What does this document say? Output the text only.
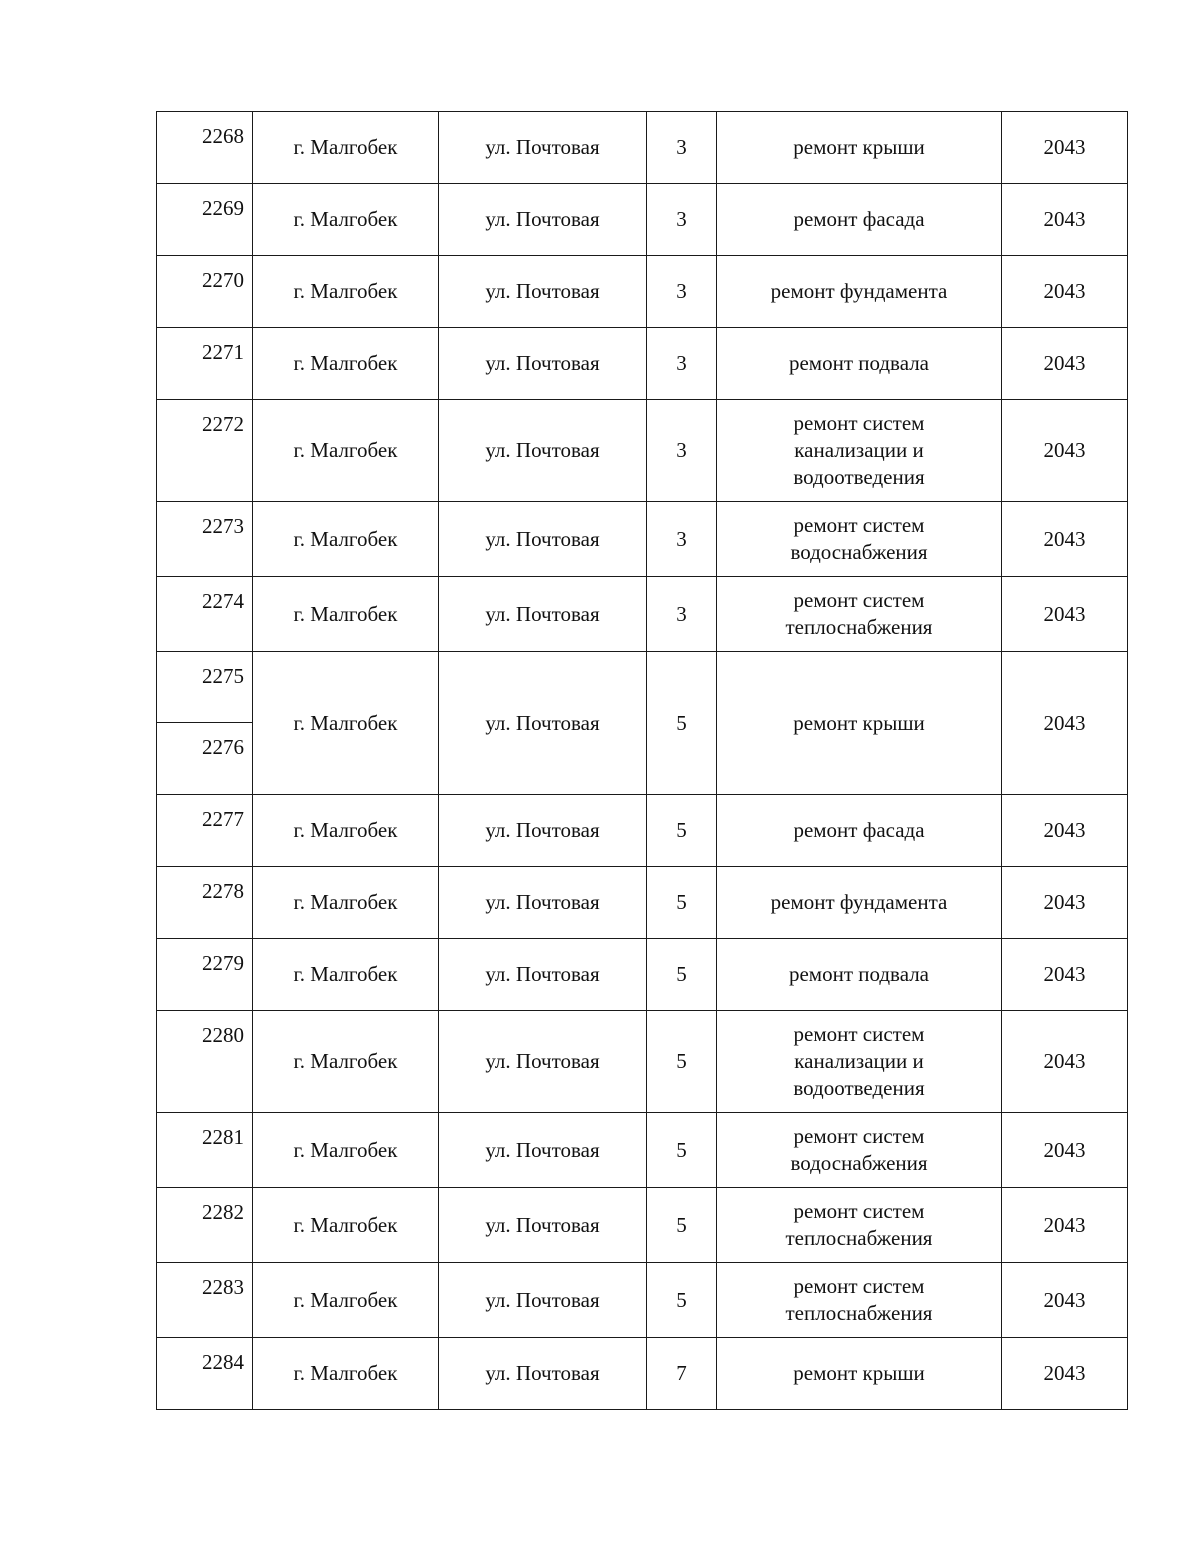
2268	г. Малгобек	ул. Почтовая	3	ремонт крыши	2043
2269	г. Малгобек	ул. Почтовая	3	ремонт фасада	2043
2270	г. Малгобек	ул. Почтовая	3	ремонт фундамента	2043
2271	г. Малгобек	ул. Почтовая	3	ремонт подвала	2043
2272	г. Малгобек	ул. Почтовая	3	ремонт систем
канализации и
водоотведения	2043
2273	г. Малгобек	ул. Почтовая	3	ремонт систем
водоснабжения	2043
2274	г. Малгобек	ул. Почтовая	3	ремонт систем
теплоснабжения	2043

2275
2276	г. Малгобек	ул. Почтовая	5	ремонт крыши	2043
2277	г. Малгобек	ул. Почтовая	5	ремонт фасада	2043
2278	г. Малгобек	ул. Почтовая	5	ремонт фундамента	2043
2279	г. Малгобек	ул. Почтовая	5	ремонт подвала	2043
2280	г. Малгобек	ул. Почтовая	5	ремонт систем
канализации и
водоотведения	2043
2281	г. Малгобек	ул. Почтовая	5	ремонт систем
водоснабжения	2043
2282	г. Малгобек	ул. Почтовая	5	ремонт систем
теплоснабжения	2043
2283	г. Малгобек	ул. Почтовая	5	ремонт систем
теплоснабжения	2043
2284	г. Малгобек	ул. Почтовая	7	ремонт крыши	2043
